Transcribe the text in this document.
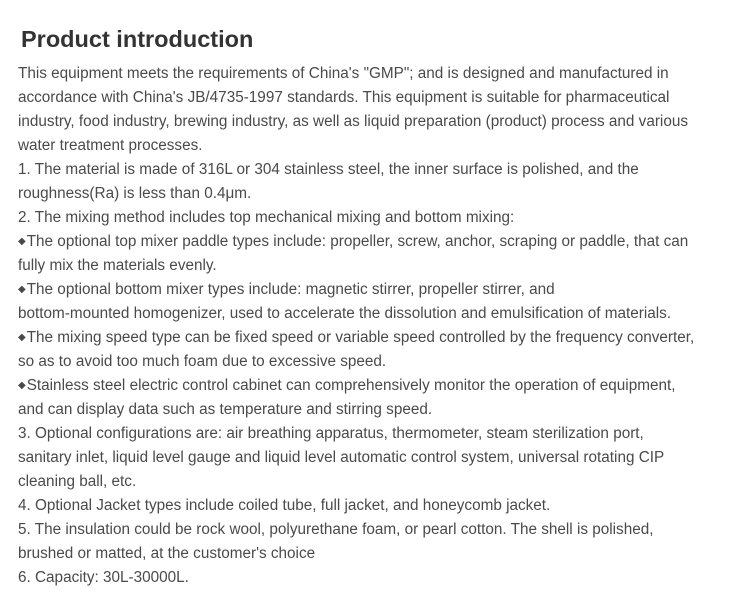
Product introduction
This equipment meets the requirements of China's "GMP"; and is designed and manufactured in
accordance with China's JB/4735-1997 standards. This equipment is suitable for pharmaceutical
industry, food industry, brewing industry, as well as liquid preparation (product) process and various
water treatment processes.
1. The material is made of 316L or 304 stainless steel, the inner surface is polished, and the
roughness(Ra) is less than 0.4μm.
2. The mixing method includes top mechanical mixing and bottom mixing:
◆The optional top mixer paddle types include: propeller, screw, anchor, scraping or paddle, that can
fully mix the materials evenly.
◆The optional bottom mixer types include: magnetic stirrer, propeller stirrer, and
bottom-mounted homogenizer, used to accelerate the dissolution and emulsification of materials.
◆The mixing speed type can be fixed speed or variable speed controlled by the frequency converter,
so as to avoid too much foam due to excessive speed.
◆Stainless steel electric control cabinet can comprehensively monitor the operation of equipment,
and can display data such as temperature and stirring speed.
3. Optional configurations are: air breathing apparatus, thermometer, steam sterilization port,
sanitary inlet, liquid level gauge and liquid level automatic control system, universal rotating CIP
cleaning ball, etc.
4. Optional Jacket types include coiled tube, full jacket, and honeycomb jacket.
5. The insulation could be rock wool, polyurethane foam, or pearl cotton. The shell is polished,
brushed or matted, at the customer's choice
6. Capacity: 30L-30000L.
